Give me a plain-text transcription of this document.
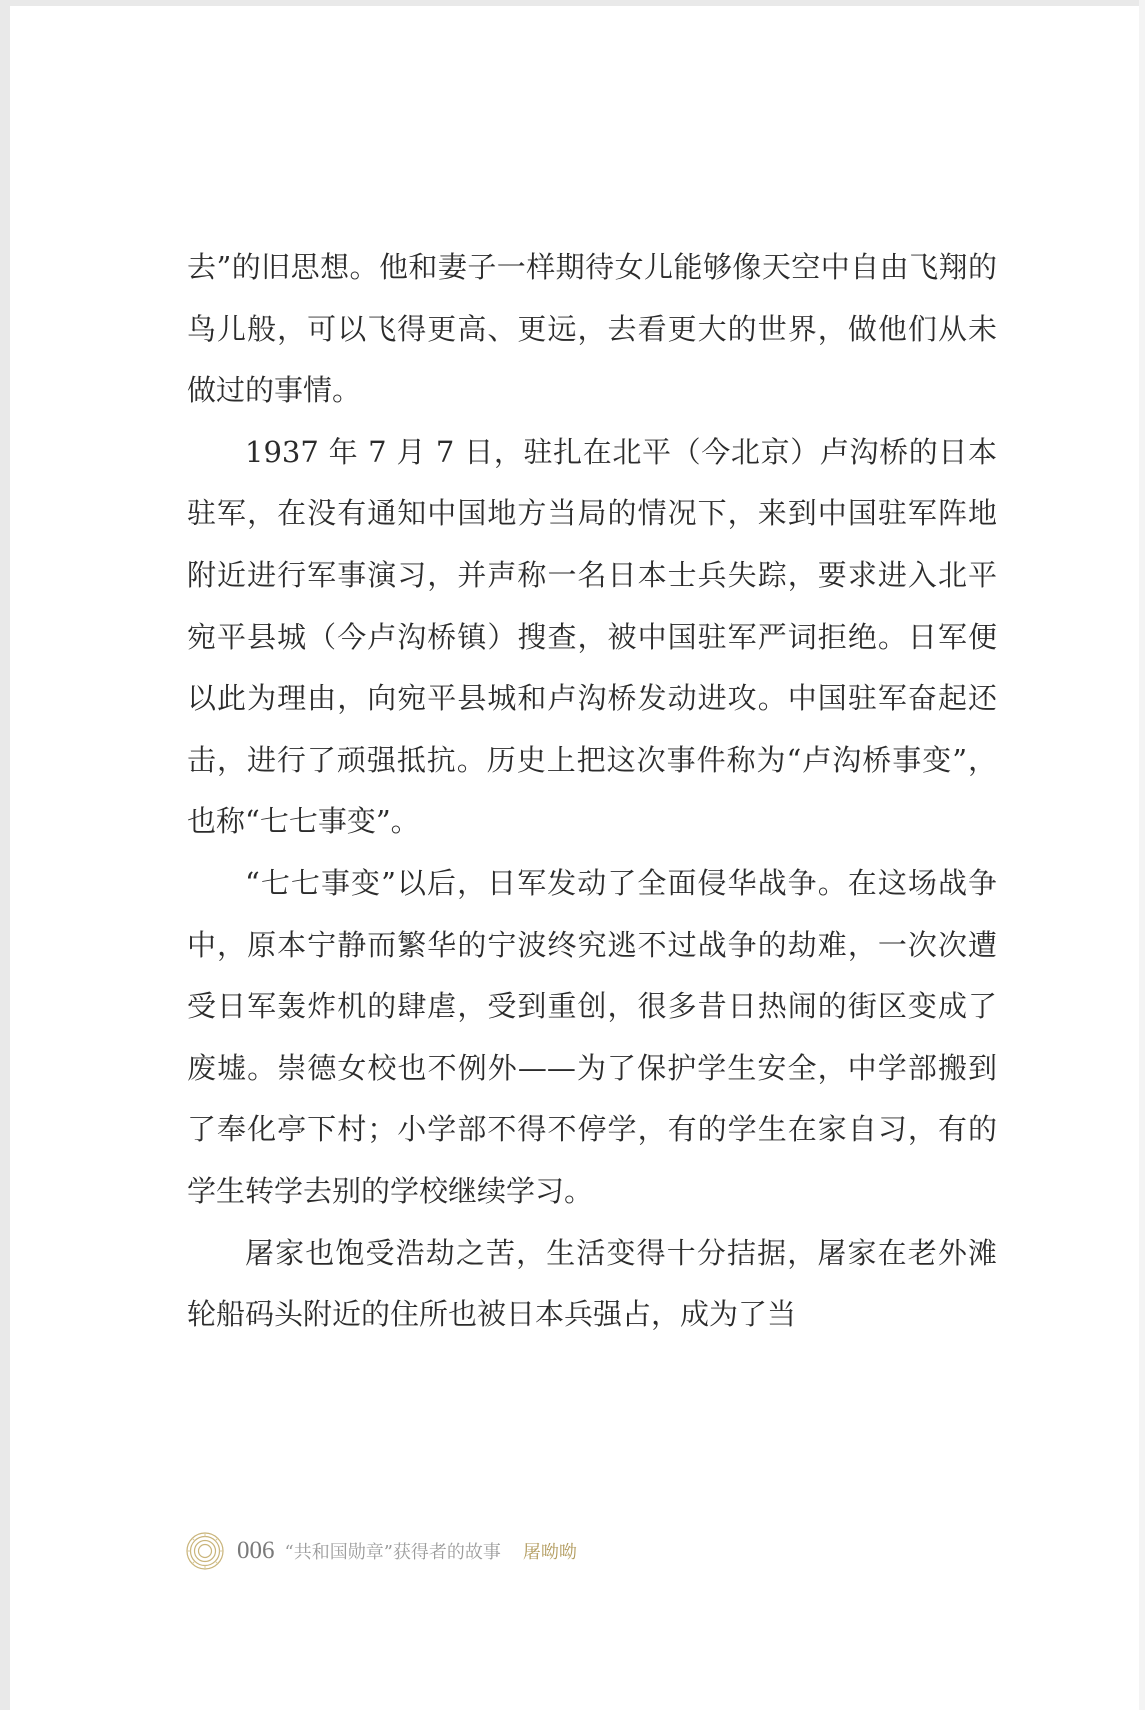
去”的旧思想。他和妻子一样期待女儿能够像天空中自由飞翔的鸟儿般，可以飞得更高、更远，去看更大的世界，做他们从未做过的事情。

1937 年 7 月 7 日，驻扎在北平（今北京）卢沟桥的日本驻军，在没有通知中国地方当局的情况下，来到中国驻军阵地附近进行军事演习，并声称一名日本士兵失踪，要求进入北平宛平县城（今卢沟桥镇）搜查，被中国驻军严词拒绝。日军便以此为理由，向宛平县城和卢沟桥发动进攻。中国驻军奋起还击，进行了顽强抵抗。历史上把这次事件称为“卢沟桥事变”，也称“七七事变”。

“七七事变”以后，日军发动了全面侵华战争。在这场战争中，原本宁静而繁华的宁波终究逃不过战争的劫难，一次次遭受日军轰炸机的肆虐，受到重创，很多昔日热闹的街区变成了废墟。崇德女校也不例外——为了保护学生安全，中学部搬到了奉化亭下村；小学部不得不停学，有的学生在家自习，有的学生转学去别的学校继续学习。

屠家也饱受浩劫之苦，生活变得十分拮据，屠家在老外滩轮船码头附近的住所也被日本兵强占，成为了当

006 “共和国勋章”获得者的故事 屠呦呦
